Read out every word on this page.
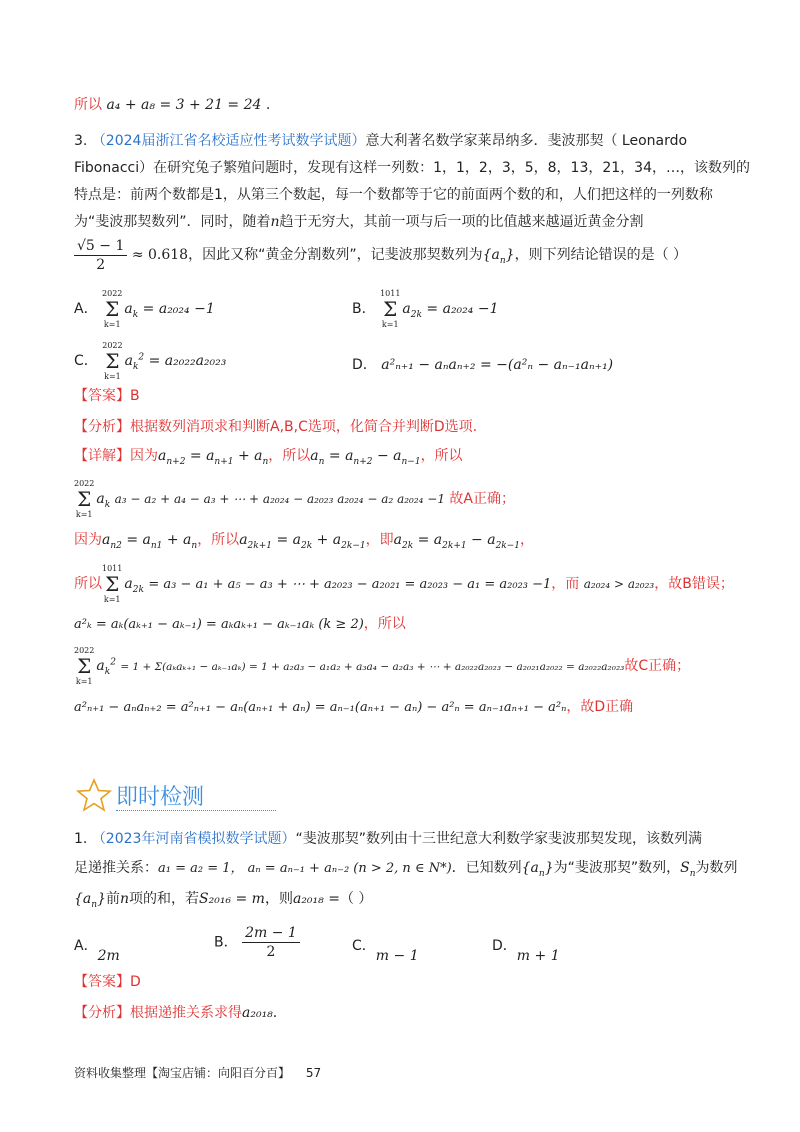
所以 a₄ + a₈ = 3 + 21 = 24 .
3. （2024届浙江省名校适应性考试数学试题）意大利著名数学家莱昂纳多．斐波那契（ Leonardo
Fibonacci）在研究兔子繁殖问题时，发现有这样一列数：1，1，2，3，5，8，13，21，34，…，该数列的
特点是：前两个数都是1，从第三个数起，每一个数都等于它的前面两个数的和，人们把这样的一列数称
为“斐波那契数列”．同时，随着n趋于无穷大，其前一项与后一项的比值越来越逼近黄金分割
$\frac{√5 - 1}{2} \approx 0.618$，因此又称“黄金分割数列”，记斐波那契数列为$\{a_n\}$，则下列结论错误的是（ ）
A．
2022
Σ
k=1
$a_k = a_{2024} -1$	B．
1011
Σ
k=1
$a_{2k} = a_{2024} -1$
C．
2022
Σ
k=1
$a_k^2 = a_{2022}a_{2023}$	D． a²ₙ₊₁ − aₙaₙ₊₂ = −(a²ₙ − aₙ₋₁aₙ₊₁)
【答案】B
【分析】根据数列消项求和判断A,B,C选项，化简合并判断D选项.
【详解】因为$a_{n+2} = a_{n+1} + a_n$，所以$a_n = a_{n+2} - a_{n-1}$，所以
2022
Σ
k=1
$a_k$ a₃ − a₂ + a₄ − a₃ + ⋯ + a₂₀₂₄ − a₂₀₂₃ a₂₀₂₄ − a₂ a₂₀₂₄ −1 故A正确；
因为$a_{n2} = a_{n1} + a_n$，所以$a_{2k+1} = a_{2k} + a_{2k-1}$，即$a_{2k} = a_{2k+1} - a_{2k-1}$，
所以
1011
Σ
k=1
$a_{2k} = a_3 - a_1 + a_5 - a_3$ + ⋯ + a₂₀₂₃ − a₂₀₂₁ = a₂₀₂₃ − a₁ = a₂₀₂₃ −1，而 a₂₀₂₄ > a₂₀₂₃，故B错误；
a²ₖ = aₖ(aₖ₊₁ − aₖ₋₁) = aₖaₖ₊₁ − aₖ₋₁aₖ (k ≥ 2)，所以
2022
Σ
k=1
$a_k^2 = 1 + \Sigma(a_ka_{k+1} - a_{k-1}a_k) = 1 + a_2a_3 - a_1a_2 + a_3a_4 - a_2a_3$ + ⋯ + a₂₀₂₂a₂₀₂₃ − a₂₀₂₁a₂₀₂₂ = a₂₀₂₂a₂₀₂₃故C正确；
a²ₙ₊₁ − aₙaₙ₊₂ = a²ₙ₊₁ − aₙ(aₙ₊₁ + aₙ) = aₙ₋₁(aₙ₊₁ − aₙ) − a²ₙ = aₙ₋₁aₙ₊₁ − a²ₙ，故D正确
即时检测
1. （2023年河南省模拟数学试题）“斐波那契”数列由十三世纪意大利数学家斐波那契发现，该数列满
足递推关系：a₁ = a₂ = 1， aₙ = aₙ₋₁ + aₙ₋₂ (n > 2, n ∈ N*)．已知数列$\{a_n\}$为“斐波那契”数列，$S_n$为数列
$\{a_n\}$前n项的和，若S₂₀₁₆ = m，则a₂₀₁₈ =（ ）
A．2m
B． $\frac{2m - 1}{2}$	C．m − 1
D．m + 1
【答案】D
【分析】根据递推关系求得a₂₀₁₈.
资料收集整理【淘宝店铺：向阳百分百】 57
